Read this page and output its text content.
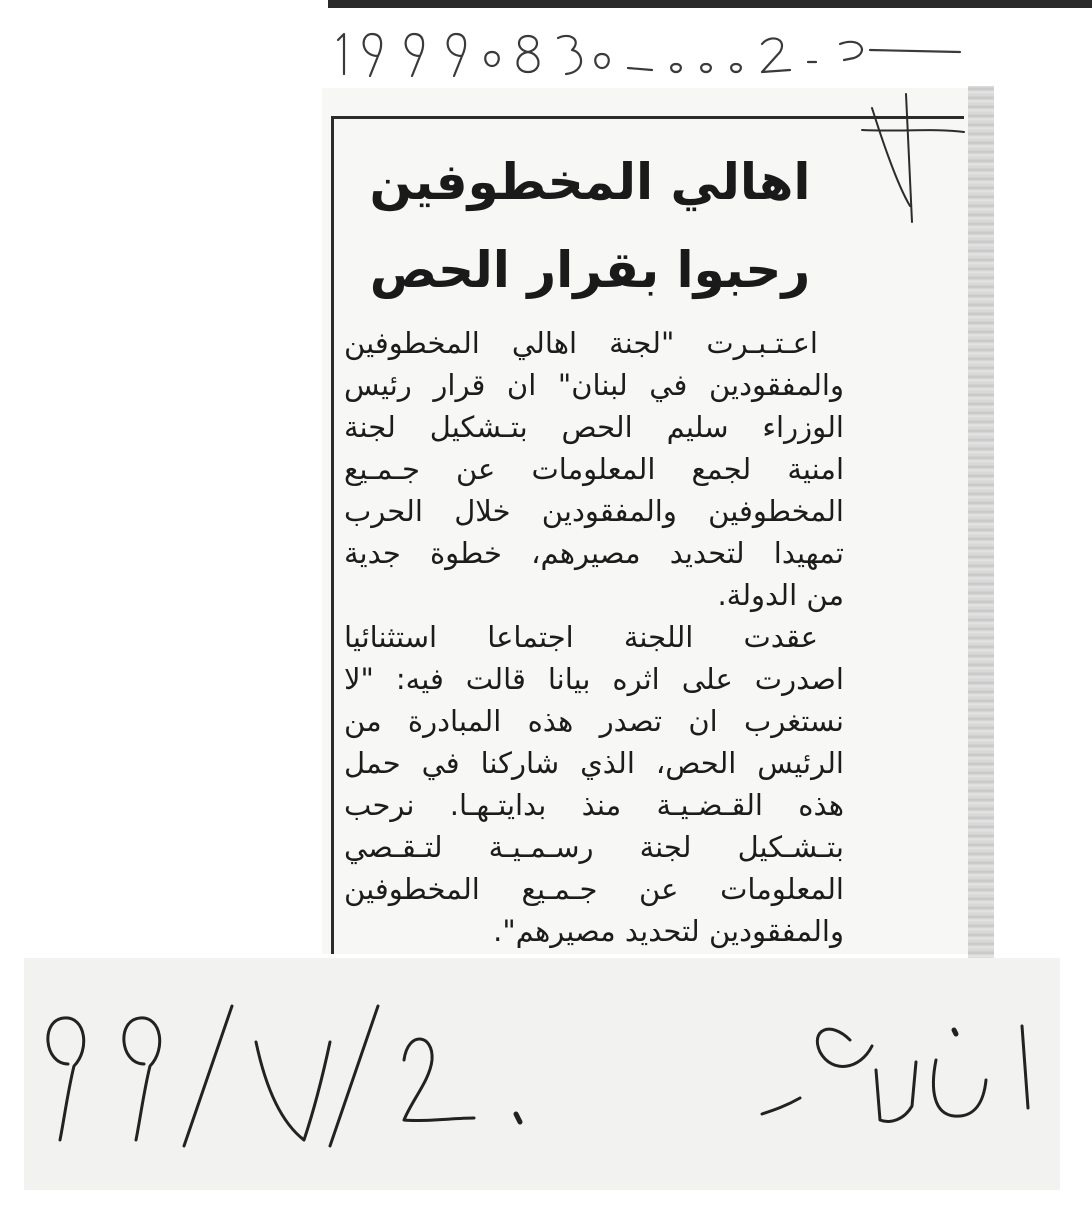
اهالي المخطوفين
رحبوا بقرار الحص
اعـتـبـرت "لجنة اهالي المخطوفين
والمفقودين في لبنان" ان قرار رئيس
الوزراء سليم الحص بتـشكيل لجنة
امنية لجمع المعلومات عن جـمـيع
المخطوفين والمفقودين خلال الحرب
تمهيدا لتحديد مصيرهم، خطوة جدية
من الدولة.
عقدت اللجنة اجتماعا استثنائيا
اصدرت على اثره بيانا قالت فيه: "لا
نستغرب ان تصدر هذه المبادرة من
الرئيس الحص، الذي شاركنا في حمل
هذه القـضـيـة منذ بدايتـهـا. نرحب
بتـشـكيل لجنة رسـمـيـة لتـقـصي
المعلومات عن جـمـيع المخطوفين
والمفقودين لتحديد مصيرهم".
